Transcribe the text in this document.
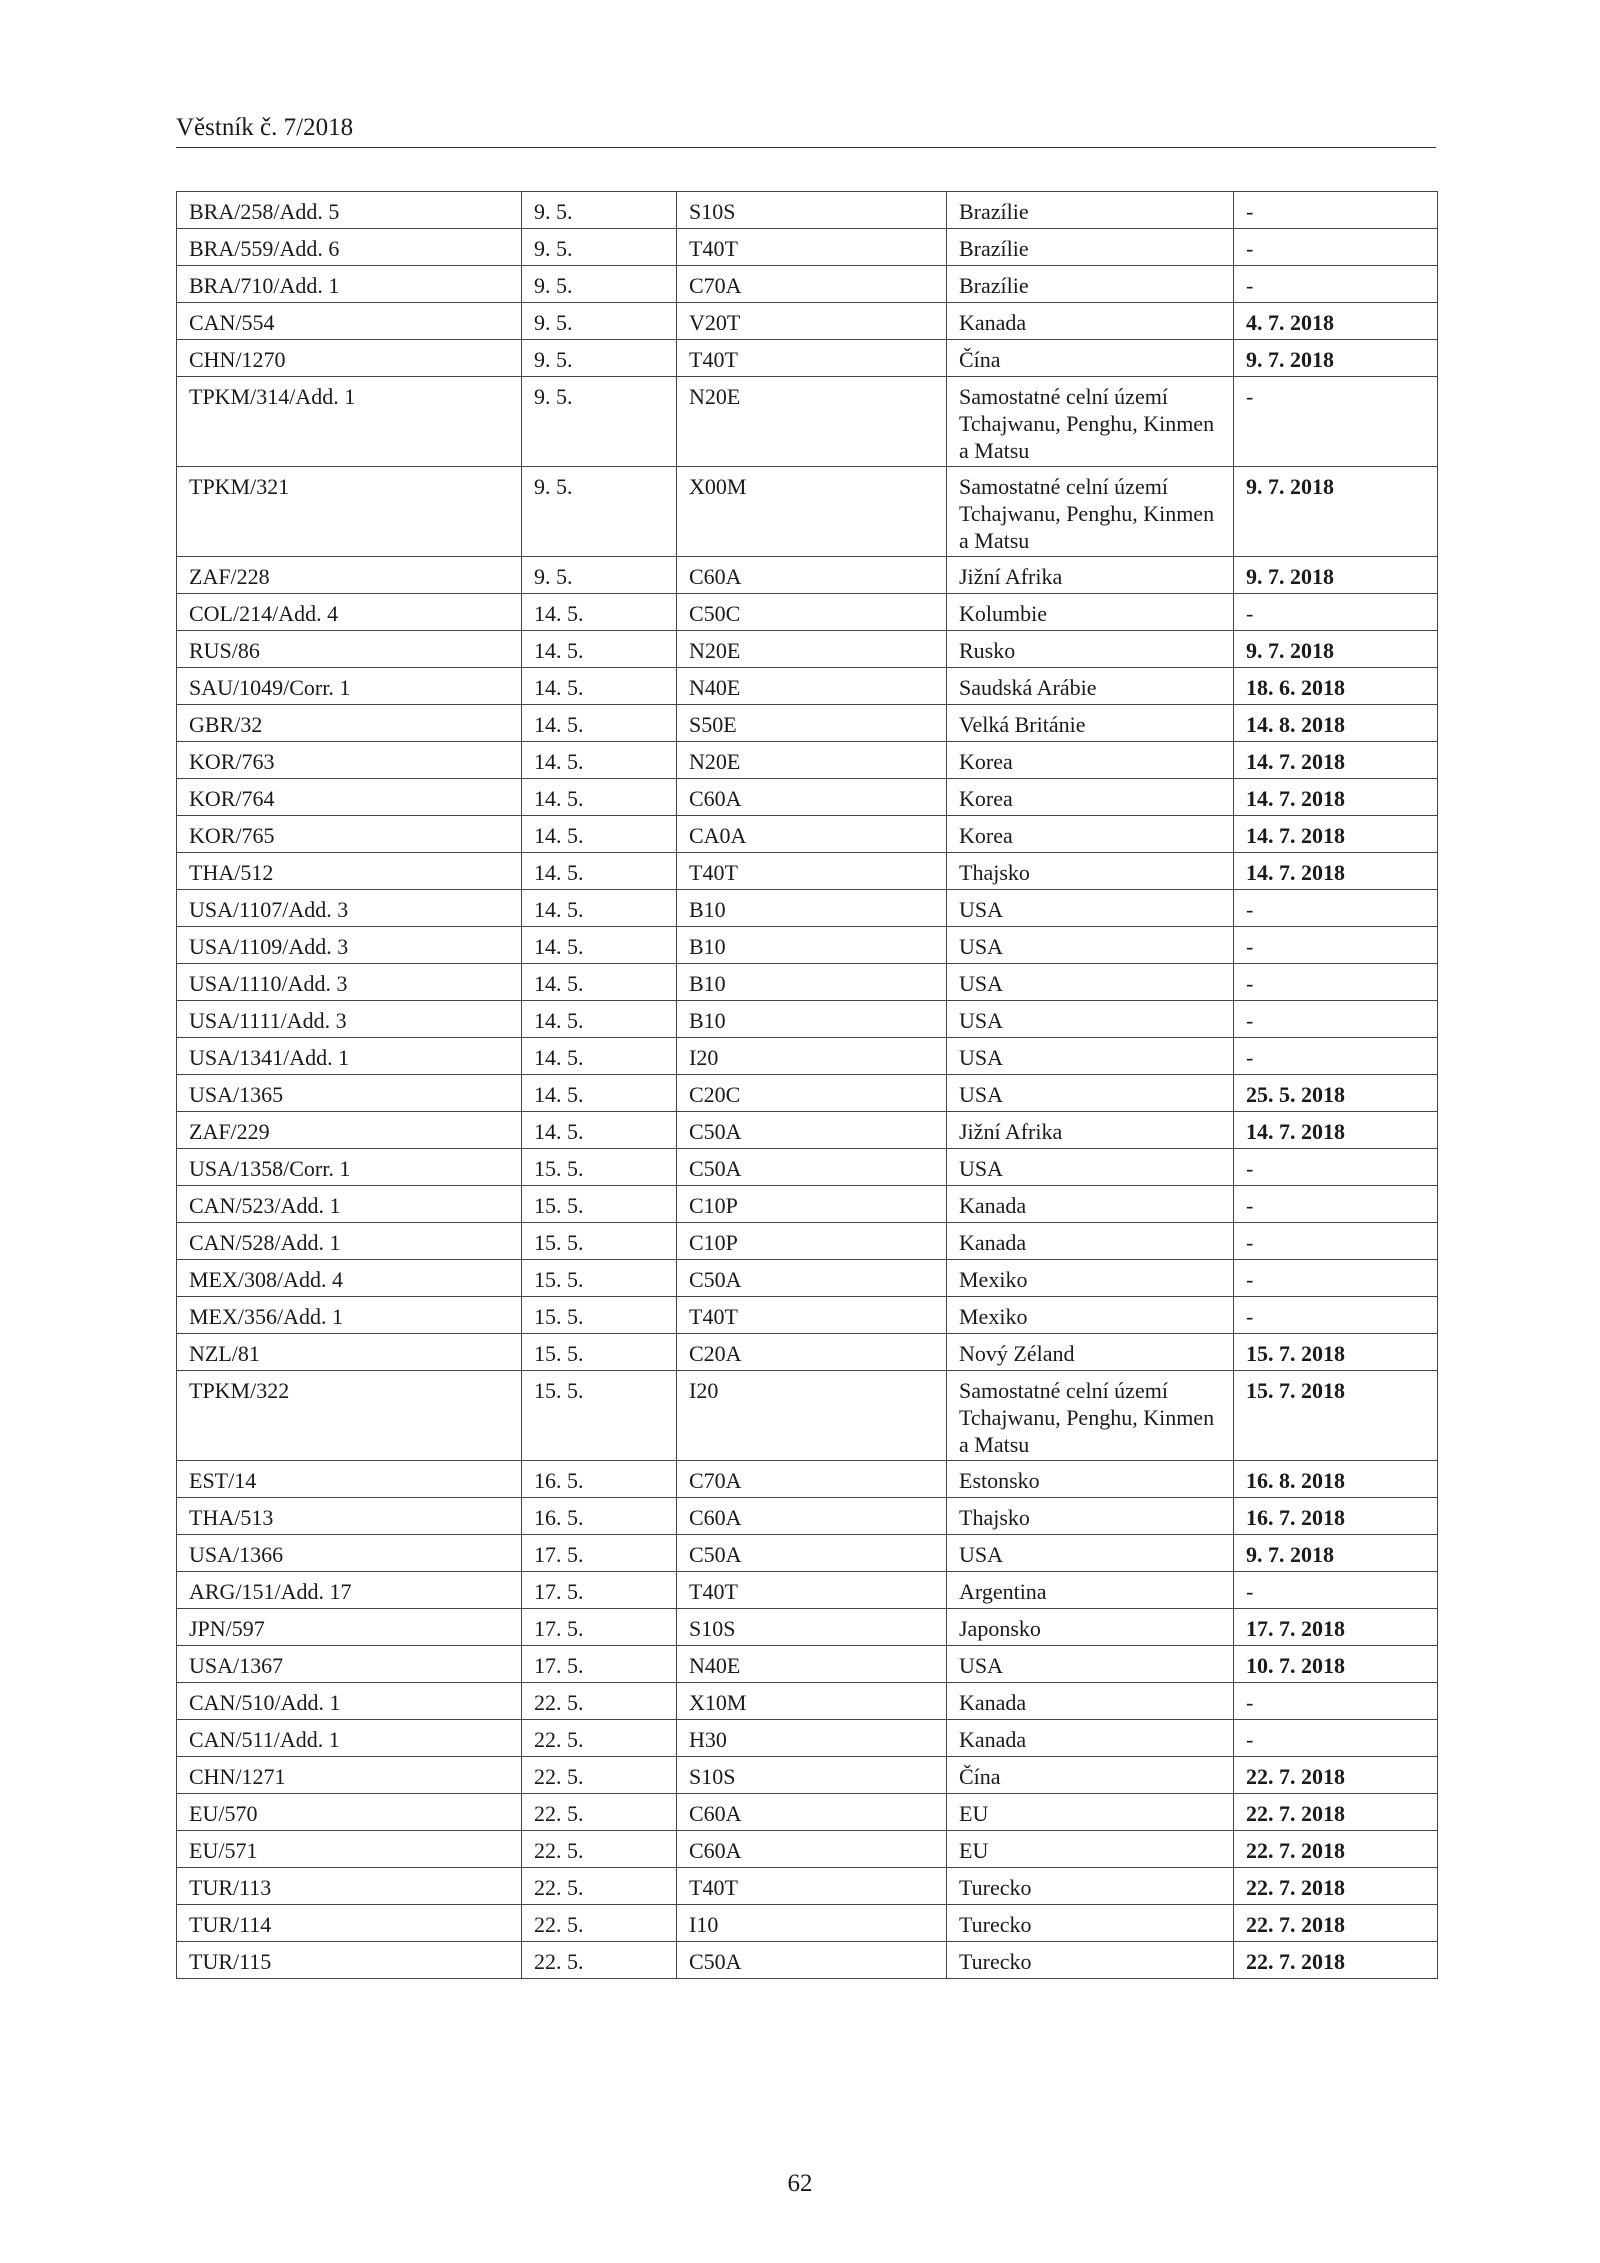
Věstník č. 7/2018
BRA/258/Add. 5	9. 5.	S10S	Brazílie	-
BRA/559/Add. 6	9. 5.	T40T	Brazílie	-
BRA/710/Add. 1	9. 5.	C70A	Brazílie	-
CAN/554	9. 5.	V20T	Kanada	4. 7. 2018
CHN/1270	9. 5.	T40T	Čína	9. 7. 2018
TPKM/314/Add. 1	9. 5.	N20E	Samostatné celní území Tchajwanu, Penghu, Kinmen a Matsu	-
TPKM/321	9. 5.	X00M	Samostatné celní území Tchajwanu, Penghu, Kinmen a Matsu	9. 7. 2018
ZAF/228	9. 5.	C60A	Jižní Afrika	9. 7. 2018
COL/214/Add. 4	14. 5.	C50C	Kolumbie	-
RUS/86	14. 5.	N20E	Rusko	9. 7. 2018
SAU/1049/Corr. 1	14. 5.	N40E	Saudská Arábie	18. 6. 2018
GBR/32	14. 5.	S50E	Velká Británie	14. 8. 2018
KOR/763	14. 5.	N20E	Korea	14. 7. 2018
KOR/764	14. 5.	C60A	Korea	14. 7. 2018
KOR/765	14. 5.	CA0A	Korea	14. 7. 2018
THA/512	14. 5.	T40T	Thajsko	14. 7. 2018
USA/1107/Add. 3	14. 5.	B10	USA	-
USA/1109/Add. 3	14. 5.	B10	USA	-
USA/1110/Add. 3	14. 5.	B10	USA	-
USA/1111/Add. 3	14. 5.	B10	USA	-
USA/1341/Add. 1	14. 5.	I20	USA	-
USA/1365	14. 5.	C20C	USA	25. 5. 2018
ZAF/229	14. 5.	C50A	Jižní Afrika	14. 7. 2018
USA/1358/Corr. 1	15. 5.	C50A	USA	-
CAN/523/Add. 1	15. 5.	C10P	Kanada	-
CAN/528/Add. 1	15. 5.	C10P	Kanada	-
MEX/308/Add. 4	15. 5.	C50A	Mexiko	-
MEX/356/Add. 1	15. 5.	T40T	Mexiko	-
NZL/81	15. 5.	C20A	Nový Zéland	15. 7. 2018
TPKM/322	15. 5.	I20	Samostatné celní území Tchajwanu, Penghu, Kinmen a Matsu	15. 7. 2018
EST/14	16. 5.	C70A	Estonsko	16. 8. 2018
THA/513	16. 5.	C60A	Thajsko	16. 7. 2018
USA/1366	17. 5.	C50A	USA	9. 7. 2018
ARG/151/Add. 17	17. 5.	T40T	Argentina	-
JPN/597	17. 5.	S10S	Japonsko	17. 7. 2018
USA/1367	17. 5.	N40E	USA	10. 7. 2018
CAN/510/Add. 1	22. 5.	X10M	Kanada	-
CAN/511/Add. 1	22. 5.	H30	Kanada	-
CHN/1271	22. 5.	S10S	Čína	22. 7. 2018
EU/570	22. 5.	C60A	EU	22. 7. 2018
EU/571	22. 5.	C60A	EU	22. 7. 2018
TUR/113	22. 5.	T40T	Turecko	22. 7. 2018
TUR/114	22. 5.	I10	Turecko	22. 7. 2018
TUR/115	22. 5.	C50A	Turecko	22. 7. 2018
62
